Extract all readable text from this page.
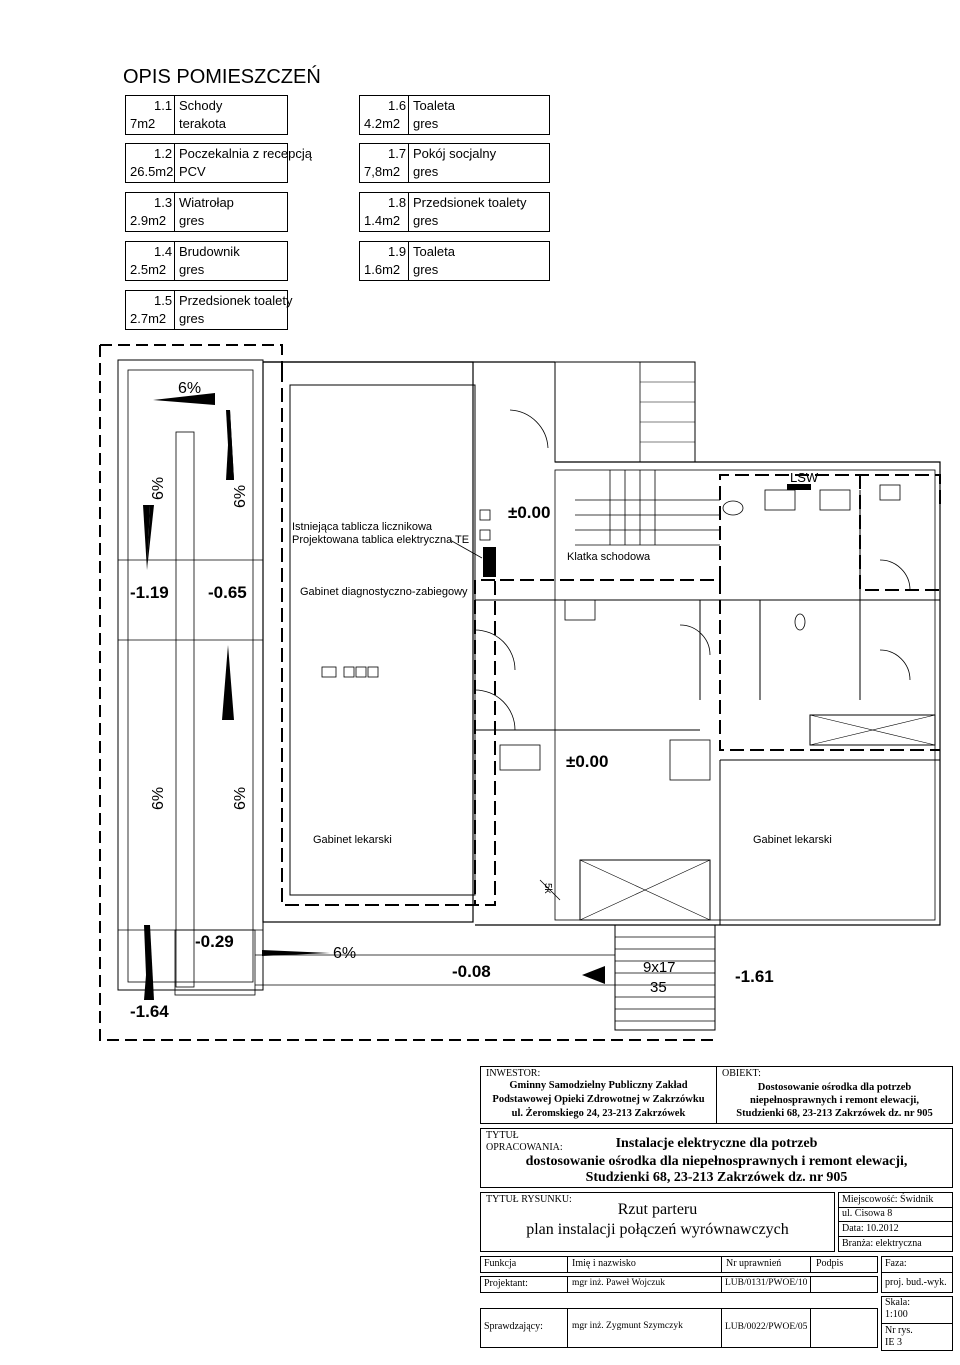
OPIS POMIESZCZEŃ
1.1 Schody
7m2 terakota
1.2 Poczekalnia z recepcją
26.5m2 PCV
1.3 Wiatrołap
2.9m2 gres
1.4 Brudownik
2.5m2 gres
1.5 Przedsionek toalety
2.7m2 gres
1.6 Toaleta
4.2m2 gres
1.7 Pokój socjalny
7,8m2 gres
1.8 Przedsionek toalety
1.4m2 gres
1.9 Toaleta
1.6m2 gres
6%
6%	6%
6%	6%
6%
-1.19 -0.65
±0.00
±0.00
-0.29
-1.64
-0.08	-1.61
9x17
35
LSW
5k
Istniejąca tablicza licznikowa
Projektowana tablica elektryczna TE
Klatka schodowa
Gabinet diagnostyczno-zabiegowy
Gabinet lekarski	Gabinet lekarski
INWESTOR:
Gminny Samodzielny Publiczny Zakład
Podstawowej Opieki Zdrowotnej w Zakrzówku
ul. Żeromskiego 24, 23-213 Zakrzówek
OBIEKT:
Dostosowanie ośrodka dla potrzeb
niepełnosprawnych i remont elewacji,
Studzienki 68, 23-213 Zakrzówek dz. nr 905
TYTUŁ
OPRACOWANIA:	Instalacje elektryczne dla potrzeb
dostosowanie ośrodka dla niepełnosprawnych i remont elewacji,
Studzienki 68, 23-213 Zakrzówek dz. nr 905
TYTUŁ RYSUNKU:
Rzut parteru
plan instalacji połączeń wyrównawczych
Miejscowość: Świdnik
ul. Cisowa 8
Data: 10.2012
Branża: elektryczna
Funkcja	Imię i nazwisko	Nr uprawnień	Podpis
Projektant:	mgr inż. Paweł Wojczuk	LUB/0131/PWOE/10
Sprawdzający:	mgr inż. Zygmunt Szymczyk	LUB/0022/PWOE/05
Faza:
proj. bud.-wyk.
Skala:
1:100
Nr rys.
IE 3
